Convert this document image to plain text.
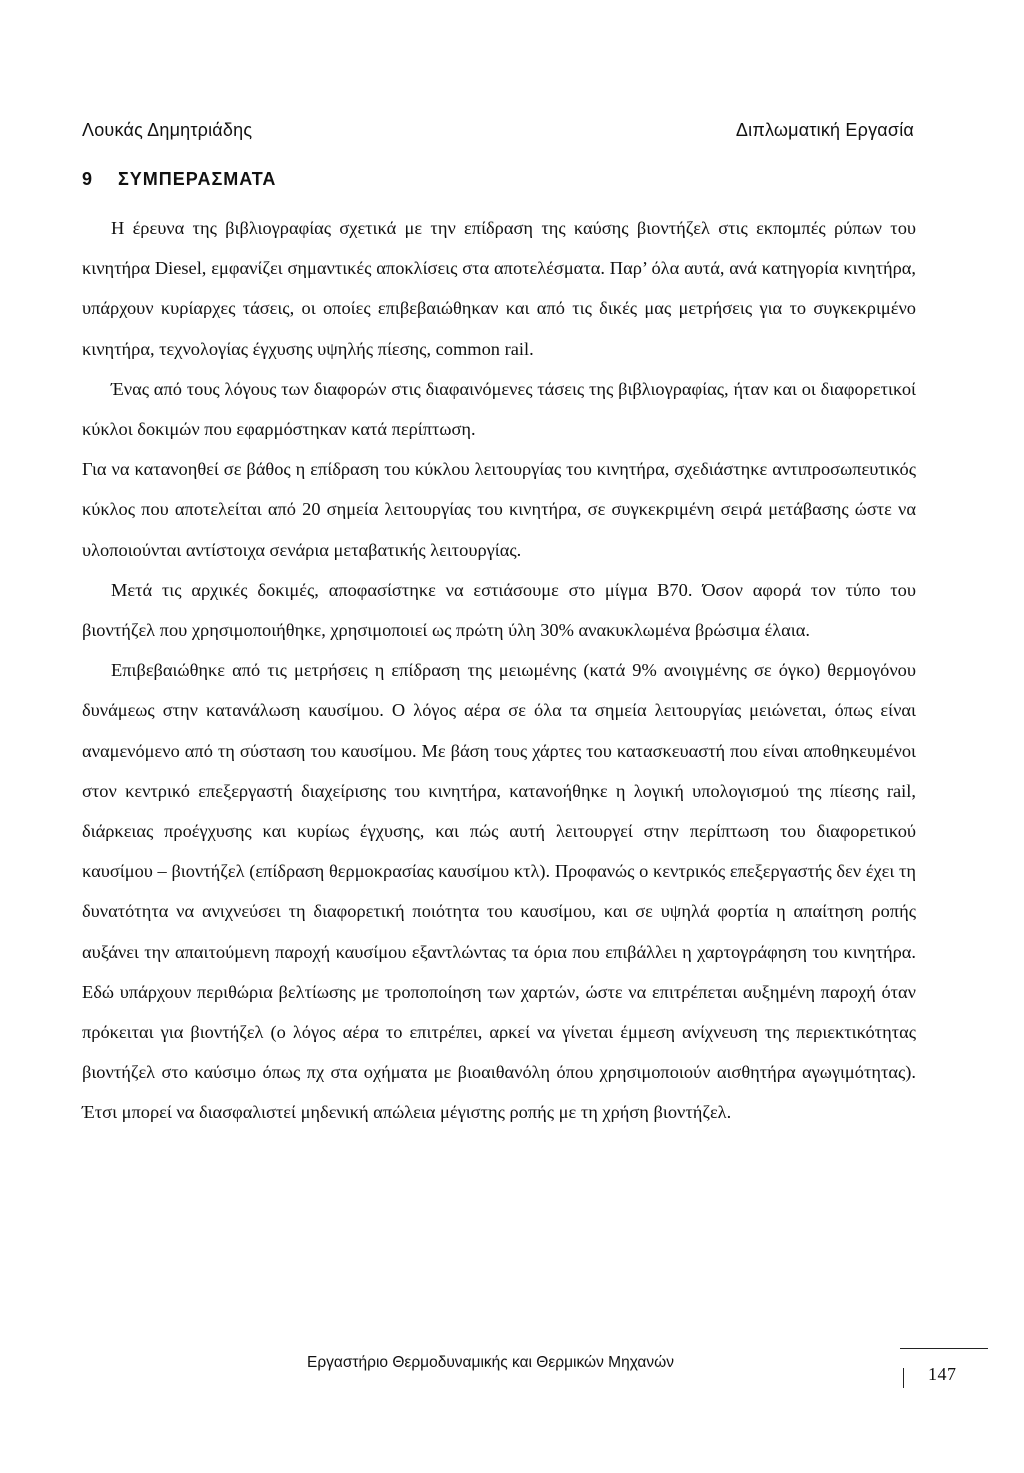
Λουκάς Δημητριάδης	Διπλωματική Εργασία
9 ΣΥΜΠΕΡΑΣΜΑΤΑ

Η έρευνα της βιβλιογραφίας σχετικά με την επίδραση της καύσης βιοντήζελ στις εκπομπές ρύπων του κινητήρα Diesel, εμφανίζει σημαντικές αποκλίσεις στα αποτελέσματα. Παρ’ όλα αυτά, ανά κατηγορία κινητήρα, υπάρχουν κυρίαρχες τάσεις, οι οποίες επιβεβαιώθηκαν και από τις δικές μας μετρήσεις για το συγκεκριμένο κινητήρα, τεχνολογίας έγχυσης υψηλής πίεσης, common rail.

Ένας από τους λόγους των διαφορών στις διαφαινόμενες τάσεις της βιβλιογραφίας, ήταν και οι διαφορετικοί κύκλοι δοκιμών που εφαρμόστηκαν κατά περίπτωση.

Για να κατανοηθεί σε βάθος η επίδραση του κύκλου λειτουργίας του κινητήρα, σχεδιάστηκε αντιπροσωπευτικός κύκλος που αποτελείται από 20 σημεία λειτουργίας του κινητήρα, σε συγκεκριμένη σειρά μετάβασης ώστε να υλοποιούνται αντίστοιχα σενάρια μεταβατικής λειτουργίας.

Μετά τις αρχικές δοκιμές, αποφασίστηκε να εστιάσουμε στο μίγμα B70. Όσον αφορά τον τύπο του βιοντήζελ που χρησιμοποιήθηκε, χρησιμοποιεί ως πρώτη ύλη 30% ανακυκλωμένα βρώσιμα έλαια.

Επιβεβαιώθηκε από τις μετρήσεις η επίδραση της μειωμένης (κατά 9% ανοιγμένης σε όγκο) θερμογόνου δυνάμεως στην κατανάλωση καυσίμου. Ο λόγος αέρα σε όλα τα σημεία λειτουργίας μειώνεται, όπως είναι αναμενόμενο από τη σύσταση του καυσίμου. Με βάση τους χάρτες του κατασκευαστή που είναι αποθηκευμένοι στον κεντρικό επεξεργαστή διαχείρισης του κινητήρα, κατανοήθηκε η λογική υπολογισμού της πίεσης rail, διάρκειας προέγχυσης και κυρίως έγχυσης, και πώς αυτή λειτουργεί στην περίπτωση του διαφορετικού καυσίμου – βιοντήζελ (επίδραση θερμοκρασίας καυσίμου κτλ). Προφανώς ο κεντρικός επεξεργαστής δεν έχει τη δυνατότητα να ανιχνεύσει τη διαφορετική ποιότητα του καυσίμου, και σε υψηλά φορτία η απαίτηση ροπής αυξάνει την απαιτούμενη παροχή καυσίμου εξαντλώντας τα όρια που επιβάλλει η χαρτογράφηση του κινητήρα. Εδώ υπάρχουν περιθώρια βελτίωσης με τροποποίηση των χαρτών, ώστε να επιτρέπεται αυξημένη παροχή όταν πρόκειται για βιοντήζελ (ο λόγος αέρα το επιτρέπει, αρκεί να γίνεται έμμεση ανίχνευση της περιεκτικότητας βιοντήζελ στο καύσιμο όπως πχ στα οχήματα με βιοαιθανόλη όπου χρησιμοποιούν αισθητήρα αγωγιμότητας). Έτσι μπορεί να διασφαλιστεί μηδενική απώλεια μέγιστης ροπής με τη χρήση βιοντήζελ.

Εργαστήριο Θερμοδυναμικής και Θερμικών Μηχανών
147
